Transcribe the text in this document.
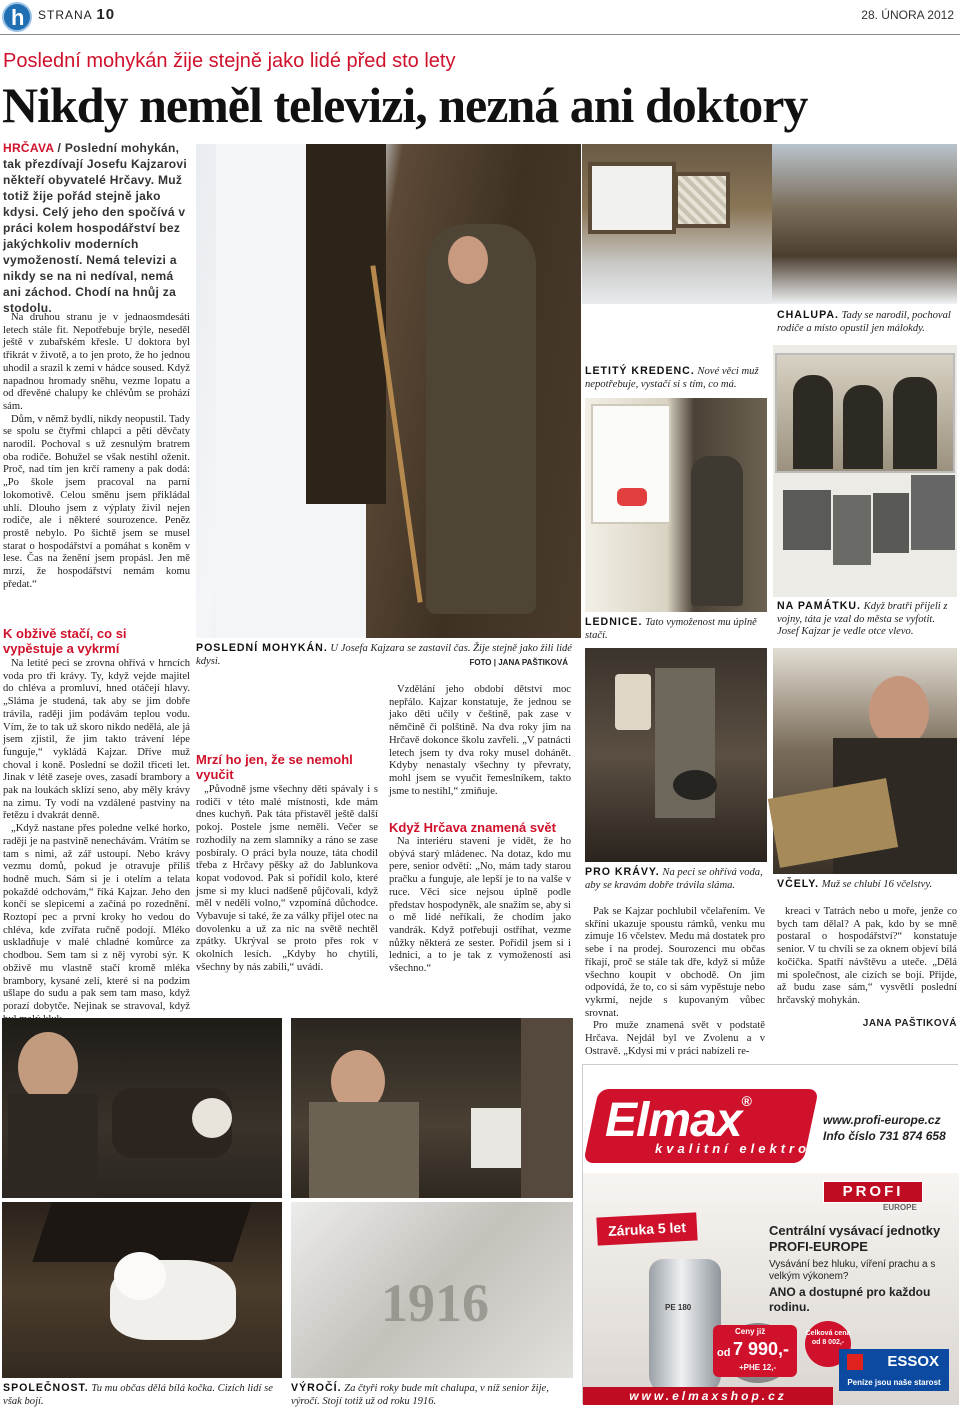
h STRANA 10	28. ÚNORA 2012
Poslední mohykán žije stejně jako lidé před sto lety
Nikdy neměl televizi, nezná ani doktory
HRČAVA / Poslední mohykán, tak přezdívají Josefu Kajzarovi někteří obyvatelé Hrčavy. Muž totiž žije pořád stejně jako kdysi. Celý jeho den spočívá v práci kolem hospodářství bez jakýchkoliv moderních vymožeností. Nemá televizi a nikdy se na ni nedíval, nemá ani záchod. Chodí na hnůj za stodolu.

Na druhou stranu je v jednaosmdesáti letech stále fit. Nepotřebuje brýle, neseděl ještě v zubařském křesle. U doktora byl třikrát v životě, a to jen proto, že ho jednou uhodil a srazil k zemi v hádce soused. Když napadnou hromady sněhu, vezme lopatu a od dřevěné chalupy ke chlévům se prohází sám.

Dům, v němž bydlí, nikdy neopustil. Tady se spolu se čtyřmi chlapci a pěti děvčaty narodil. Pochoval s už zesnulým bratrem oba rodiče. Bohužel se však nestihl oženit. Proč, nad tím jen krčí rameny a pak dodá: „Po škole jsem pracoval na parní lokomotivě. Celou směnu jsem přikládal uhlí. Dlouho jsem z výplaty živil nejen rodiče, ale i některé sourozence. Peněz prostě nebylo. Po šichtě jsem se musel starat o hospodářství a pomáhat s koněm v lese. Čas na ženění jsem propásl. Jen mě mrzí, že hospodářství nemám komu předat.“

K obživě stačí, co si vypěstuje a vykrmí

Na letité peci se zrovna ohřívá v hrncích voda pro tři krávy. Ty, když vejde majitel do chléva a promluví, hned otáčejí hlavy. „Sláma je studená, tak aby se jim dobře trávila, raději jim podávám teplou vodu. Vím, že to tak už skoro nikdo nedělá, ale já jsem zjistil, že jim takto trávení lépe funguje,“ vykládá Kajzar. Dříve muž choval i koně. Poslední se dožil třiceti let. Jinak v létě zaseje oves, zasadí brambory a pak na loukách sklízí seno, aby měly krávy na zimu. Ty vodí na vzdálené pastviny na řetězu i dvakrát denně.

„Když nastane přes poledne velké horko, raději je na pastvině nenechávám. Vrátím se tam s nimi, až zář ustoupí. Nebo krávy vezmu domů, pokud je otravuje příliš hodně much. Sám si je i otelím a telata pokaždé odchovám,“ říká Kajzar. Jeho den končí se slepicemi a začíná po rozednění. Roztopí pec a první kroky ho vedou do chléva, kde zvířata ručně podojí. Mléko uskladňuje v malé chladné komůrce za chodbou. Sem tam si z něj vyrobí sýr. K obživě mu vlastně stačí kromě mléka brambory, kysané zelí, které si na podzim ušlape do sudu a pak sem tam maso, když porazí dobytče. Nejinak se stravoval, když

POSLEDNÍ MOHYKÁN. U Josefa Kajzara se zastavil čas. Žije stejně jako žili lidé kdysi.	FOTO | JANA PAŠTIKOVÁ
Mrzí ho jen, že se nemohl vyučit

„Původně jsme všechny děti spávaly i s rodiči v této malé místnosti, kde mám dnes kuchyň. Pak táta přistavěl ještě další pokoj. Postele jsme neměli. Večer se rozhodily na zem slamníky a ráno se zase posbíraly. O práci byla nouze, táta chodil třeba z Hrčavy pěšky až do Jablunkova kopat vodovod. Pak si pořídil kolo, které jsme si my kluci nadšeně půjčovali, když měl v neděli volno,“ vzpomíná důchodce. Vybavuje si také, že za války přijel otec na dovolenku a už za nic na světě nechtěl zpátky. Ukrýval se proto přes rok v okolních lesích. „Kdyby ho chytili, všechny by nás zabili,“ uvádí.

Vzdělání jeho období dětství moc nepřálo. Kajzar konstatuje, že jednou se jako děti učily v češtině, pak zase v němčině či polštině. Na dva roky jim na Hrčavě dokonce školu zavřeli. „V patnácti letech jsem ty dva roky musel dohánět. Kdyby nenastaly všechny ty převraty, mohl jsem se vyučit řemeslníkem, takto jsme to nestihl,“ zmiňuje.

Když Hrčava znamená svět

Na interiéru staveni je vidět, že ho obývá starý mládenec. Na dotaz, kdo mu pere, senior odvětí: „No, mám tady starou pračku a funguje, ale lepší je to na valše v ruce. Věci sice nejsou úplně podle představ hospodyněk, ale snažím se, aby si o mě lidé neříkali, že chodím jako vandrák. Když potřebuji ostříhat, vezme nůžky některá ze sester. Pořídil jsem si i lednici, a to je tak z vymožeností asi všechno.“

CHALUPA. Tady se narodil, pochoval rodiče a místo opustil jen málokdy.
LETITÝ KREDENC. Nové věci muž nepotřebuje, vystačí si s tím, co má.
LEDNICE. Tato vymoženost mu úplně stačí.
NA PAMÁTKU. Když bratři přijeli z vojny, táta je vzal do města se vyfotit. Josef Kajzar je vedle otce vlevo.
PRO KRÁVY. Na peci se ohřívá voda, aby se kravám dobře trávila sláma.	VČELY. Muž se chlubí 16 včelstvy.

Pak se Kajzar pochlubil včelařením. Ve skříni ukazuje spoustu rámků, venku mu zimuje 16 včelstev. Medu má dostatek pro sebe i na prodej. Sourozenci mu občas říkají, proč se stále tak dře, když si může všechno koupit v obchodě. On jim odpovídá, že to, co si sám vypěstuje nebo vykrmí, nejde s kupovaným vůbec srovnat.

Pro muže znamená svět v podstatě Hrčava. Nejdál byl ve Zvolenu a v Ostravě. „Kdysi mi v práci nabízeli re-

kreaci v Tatrách nebo u moře, jenže co bych tam dělal? A pak, kdo by se mně postaral o hospodářství?“ konstatuje senior. V tu chvíli se za oknem objeví bílá kočička. Spatří návštěvu a uteče. „Dělá mi společnost, ale cizích se bojí. Přijde, až budu zase sám,“ vysvětlí poslední hrčavský mohykán.

JANA PAŠTIKOVÁ
1916
SPOLEČNOST. Tu mu občas dělá bílá kočka. Cizích lidí se však bojí.
VÝROČÍ. Za čtyři roky bude mít chalupa, v níž senior žije, výročí. Stojí totiž už od roku 1916.
Elmax®
kvalitní elektro
www.profi-europe.cz
Info číslo 731 874 658
PROFI
EUROPE
Záruka 5 let
PE 180
Centrální vysávací jednotky PROFI-EUROPE
Vysávání bez hluku, víření prachu a s velkým výkonem?
ANO a dostupné pro každou rodinu.
Ceny již
od 7 990,-
+PHE 12,-
Celková cena od 8 002,-
ESSOX
Peníze jsou naše starost
www.elmaxshop.cz
